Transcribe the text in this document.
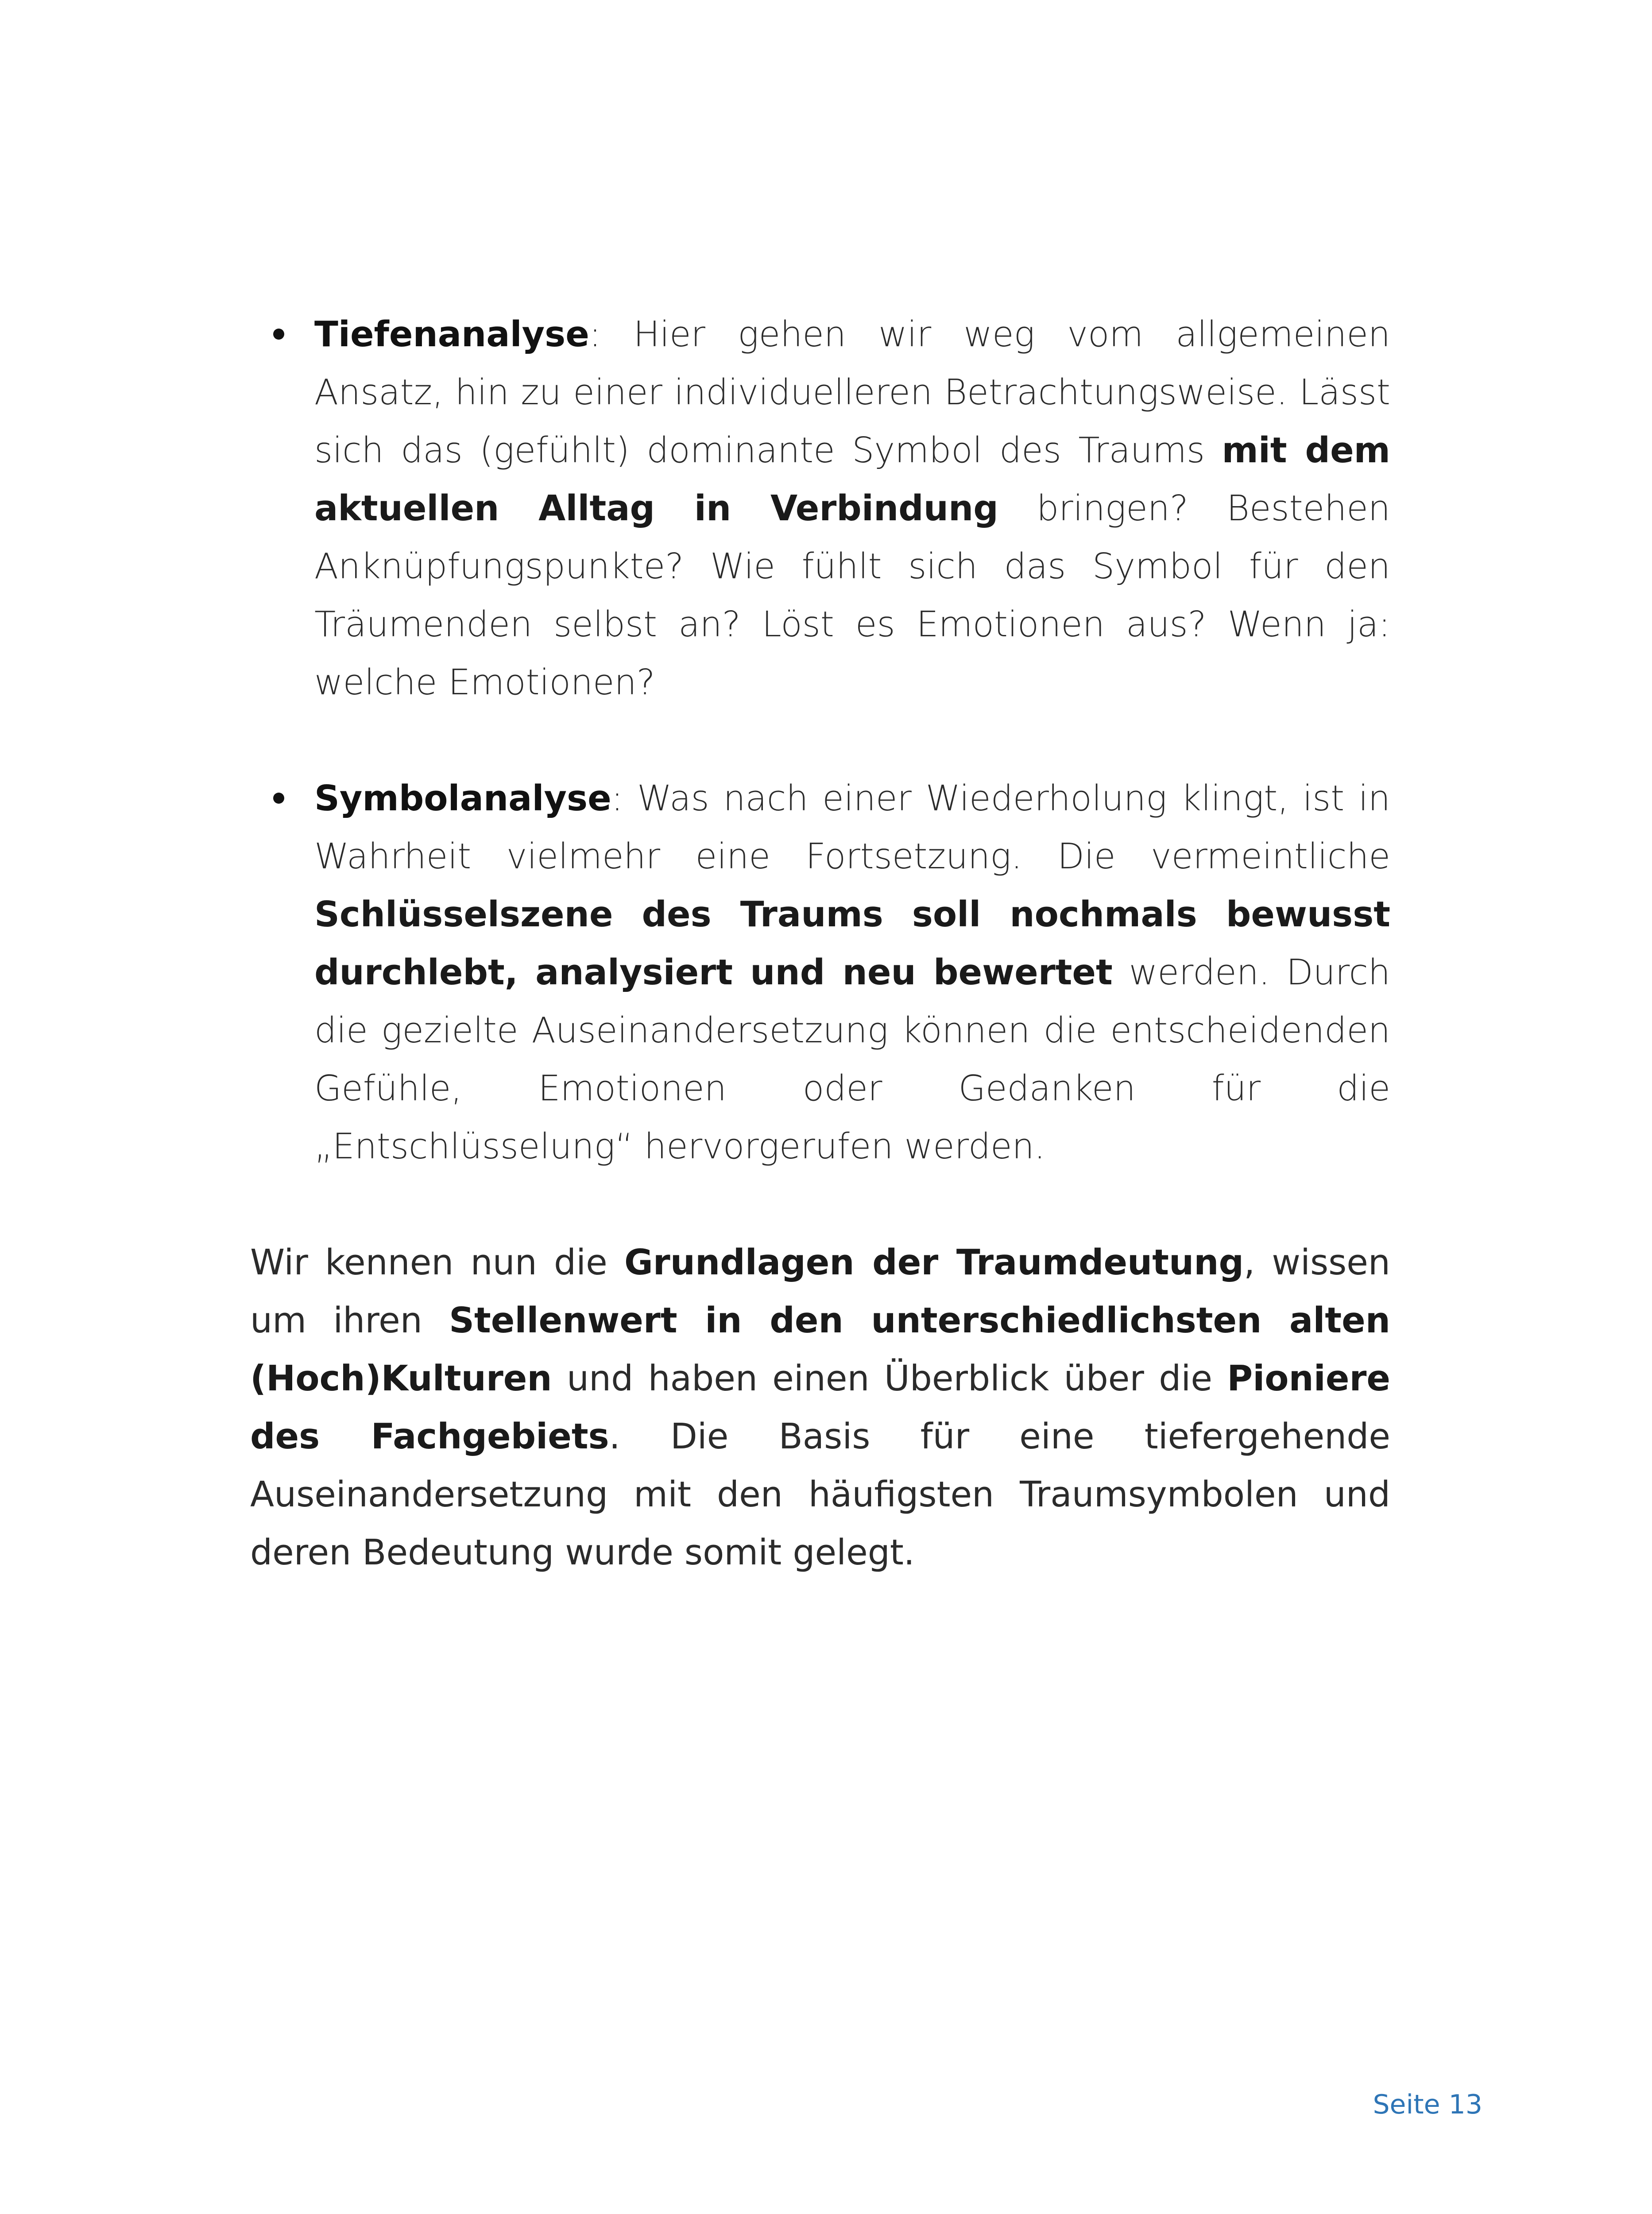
Tiefenanalyse: Hier gehen wir weg vom allgemeinen Ansatz, hin zu einer individuelleren Betrachtungsweise. Lässt sich das (gefühlt) dominante Symbol des Traums mit dem aktuellen Alltag in Verbindung bringen? Bestehen Anknüpfungspunkte? Wie fühlt sich das Symbol für den Träumenden selbst an? Löst es Emotionen aus? Wenn ja: welche Emotionen?
Symbolanalyse: Was nach einer Wiederholung klingt, ist in Wahrheit vielmehr eine Fortsetzung. Die vermeintliche Schlüsselszene des Traums soll nochmals bewusst durchlebt, analysiert und neu bewertet werden. Durch die gezielte Auseinandersetzung können die entscheidenden Gefühle, Emotionen oder Gedanken für die „Entschlüsselung“ hervorgerufen werden.

Wir kennen nun die Grundlagen der Traumdeutung, wissen um ihren Stellenwert in den unterschiedlichsten alten (Hoch)Kulturen und haben einen Überblick über die Pioniere des Fachgebiets. Die Basis für eine tiefergehende Auseinandersetzung mit den häufigsten Traumsymbolen und deren Bedeutung wurde somit gelegt.

Seite 13
